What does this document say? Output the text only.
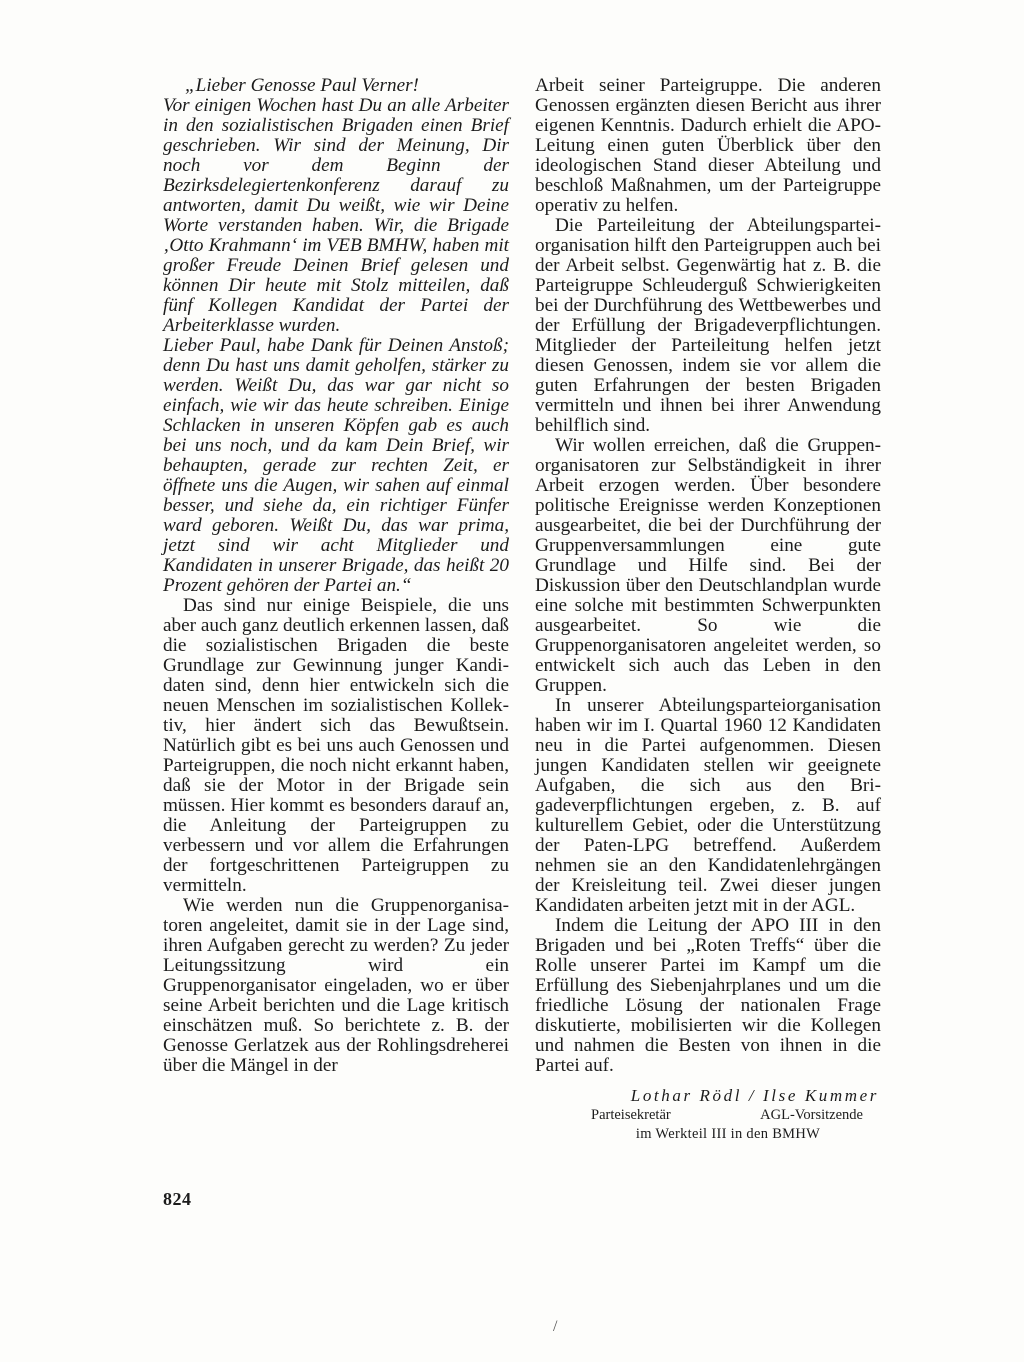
„Lieber Genosse Paul Verner!

Vor einigen Wochen hast Du an alle Arbeiter in den sozialistischen Brigaden einen Brief geschrieben. Wir sind der Meinung, Dir noch vor dem Beginn der Bezirksdelegiertenkonferenz darauf zu antworten, damit Du weißt, wie wir Deine Worte verstanden haben. Wir, die Brigade ‚Otto Krahmann‘ im VEB BMHW, haben mit großer Freude Deinen Brief gelesen und können Dir heute mit Stolz mitteilen, daß fünf Kollegen Kandidat der Partei der Arbeiterklasse wurden.

Lieber Paul, habe Dank für Deinen Anstoß; denn Du hast uns damit geholfen, stärker zu werden. Weißt Du, das war gar nicht so einfach, wie wir das heute schreiben. Einige Schlacken in unseren Köpfen gab es auch bei uns noch, und da kam Dein Brief, wir behaupten, gerade zur rechten Zeit, er öffnete uns die Augen, wir sahen auf einmal besser, und siehe da, ein richtiger Fünfer ward geboren. Weißt Du, das war prima, jetzt sind wir acht Mitglieder und Kandidaten in unserer Brigade, das heißt 20 Prozent gehören der Partei an.“

Das sind nur einige Beispiele, die uns aber auch ganz deutlich erkennen lassen, daß die sozialistischen Brigaden die beste Grundlage zur Gewinnung junger Kandidaten sind, denn hier entwickeln sich die neuen Menschen im sozialistischen Kollektiv, hier ändert sich das Bewußtsein. Natürlich gibt es bei uns auch Genossen und Parteigruppen, die noch nicht erkannt haben, daß sie der Motor in der Brigade sein müssen. Hier kommt es besonders darauf an, die Anleitung der Parteigruppen zu verbessern und vor allem die Erfahrungen der fortgeschrittenen Parteigruppen zu vermitteln.

Wie werden nun die Gruppenorganisatoren angeleitet, damit sie in der Lage sind, ihren Aufgaben gerecht zu werden? Zu jeder Leitungssitzung wird ein Gruppenorganisator eingeladen, wo er über seine Arbeit berichten und die Lage kritisch einschätzen muß. So berichtete z. B. der Genosse Gerlatzek aus der Rohlingsdreherei über die Mängel in der

Arbeit seiner Parteigruppe. Die anderen Genossen ergänzten diesen Bericht aus ihrer eigenen Kenntnis. Dadurch erhielt die APO-Leitung einen guten Überblick über den ideologischen Stand dieser Abteilung und beschloß Maßnahmen, um der Parteigruppe operativ zu helfen.

Die Parteileitung der Abteilungsparteiorganisation hilft den Parteigruppen auch bei der Arbeit selbst. Gegenwärtig hat z. B. die Parteigruppe Schleuderguß Schwierigkeiten bei der Durchführung des Wettbewerbes und der Erfüllung der Brigadeverpflichtungen. Mitglieder der Parteileitung helfen jetzt diesen Genossen, indem sie vor allem die guten Erfahrungen der besten Brigaden vermitteln und ihnen bei ihrer Anwendung behilflich sind.

Wir wollen erreichen, daß die Gruppenorganisatoren zur Selbständigkeit in ihrer Arbeit erzogen werden. Über besondere politische Ereignisse werden Konzeptionen ausgearbeitet, die bei der Durchführung der Gruppenversammlungen eine gute Grundlage und Hilfe sind. Bei der Diskussion über den Deutschlandplan wurde eine solche mit bestimmten Schwerpunkten ausgearbeitet. So wie die Gruppenorganisatoren angeleitet werden, so entwickelt sich auch das Leben in den Gruppen.

In unserer Abteilungsparteiorganisation haben wir im I. Quartal 1960 12 Kandidaten neu in die Partei aufgenommen. Diesen jungen Kandidaten stellen wir geeignete Aufgaben, die sich aus den Brigadeverpflichtungen ergeben, z. B. auf kulturellem Gebiet, oder die Unterstützung der Paten-LPG betreffend. Außerdem nehmen sie an den Kandidatenlehrgängen der Kreisleitung teil. Zwei dieser jungen Kandidaten arbeiten jetzt mit in der AGL.

Indem die Leitung der APO III in den Brigaden und bei „Roten Treffs“ über die Rolle unserer Partei im Kampf um die Erfüllung des Siebenjahrplanes und um die friedliche Lösung der nationalen Frage diskutierte, mobilisierten wir die Kollegen und nahmen die Besten von ihnen in die Partei auf.

Lothar Rödl / Ilse Kummer
Parteisekretär	AGL-Vorsitzende
im Werkteil III in den BMHW
824
/
